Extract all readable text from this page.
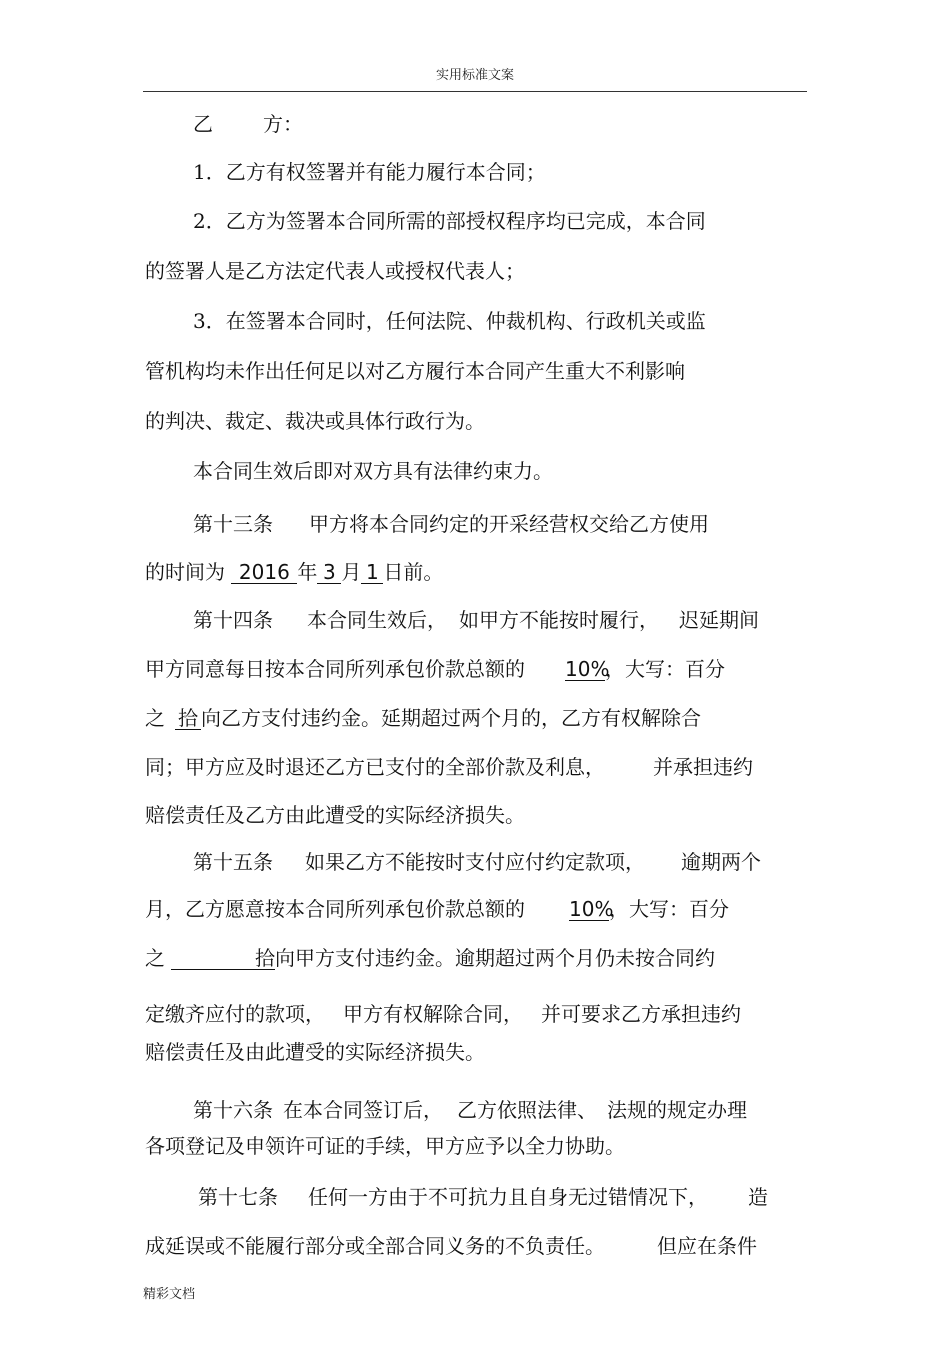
实用标准文案
乙	方：
1．乙方有权签署并有能力履行本合同；
2．乙方为签署本合同所需的部授权程序均已完成，本合同
的签署人是乙方法定代表人或授权代表人；
3．在签署本合同时，任何法院、仲裁机构、行政机关或监
管机构均未作出任何足以对乙方履行本合同产生重大不利影响
的判决、裁定、裁决或具体行政行为。
本合同生效后即对双方具有法律约束力。
第十三条 甲方将本合同约定的开采经营权交给乙方使用
的时间为 2016 年 3 月 1 日前。
第十四条 本合同生效后， 如甲方不能按时履行， 迟延期间
甲方同意每日按本合同所列承包价款总额的 10%，大写：百分
之 拾 向乙方支付违约金。延期超过两个月的，乙方有权解除合
同；甲方应及时退还乙方已支付的全部价款及利息， 并承担违约
赔偿责任及乙方由此遭受的实际经济损失。
第十五条 如果乙方不能按时支付应付约定款项， 逾期两个
月，乙方愿意按本合同所列承包价款总额的 10%，大写：百分
之	拾向甲方支付违约金。逾期超过两个月仍未按合同约
定缴齐应付的款项， 甲方有权解除合同， 并可要求乙方承担违约
赔偿责任及由此遭受的实际经济损失。
第十六条 在本合同签订后， 乙方依照法律、 法规的规定办理
各项登记及申领许可证的手续，甲方应予以全力协助。
第十七条 任何一方由于不可抗力且自身无过错情况下， 造
成延误或不能履行部分或全部合同义务的不负责任。	但应在条件
精彩文档
